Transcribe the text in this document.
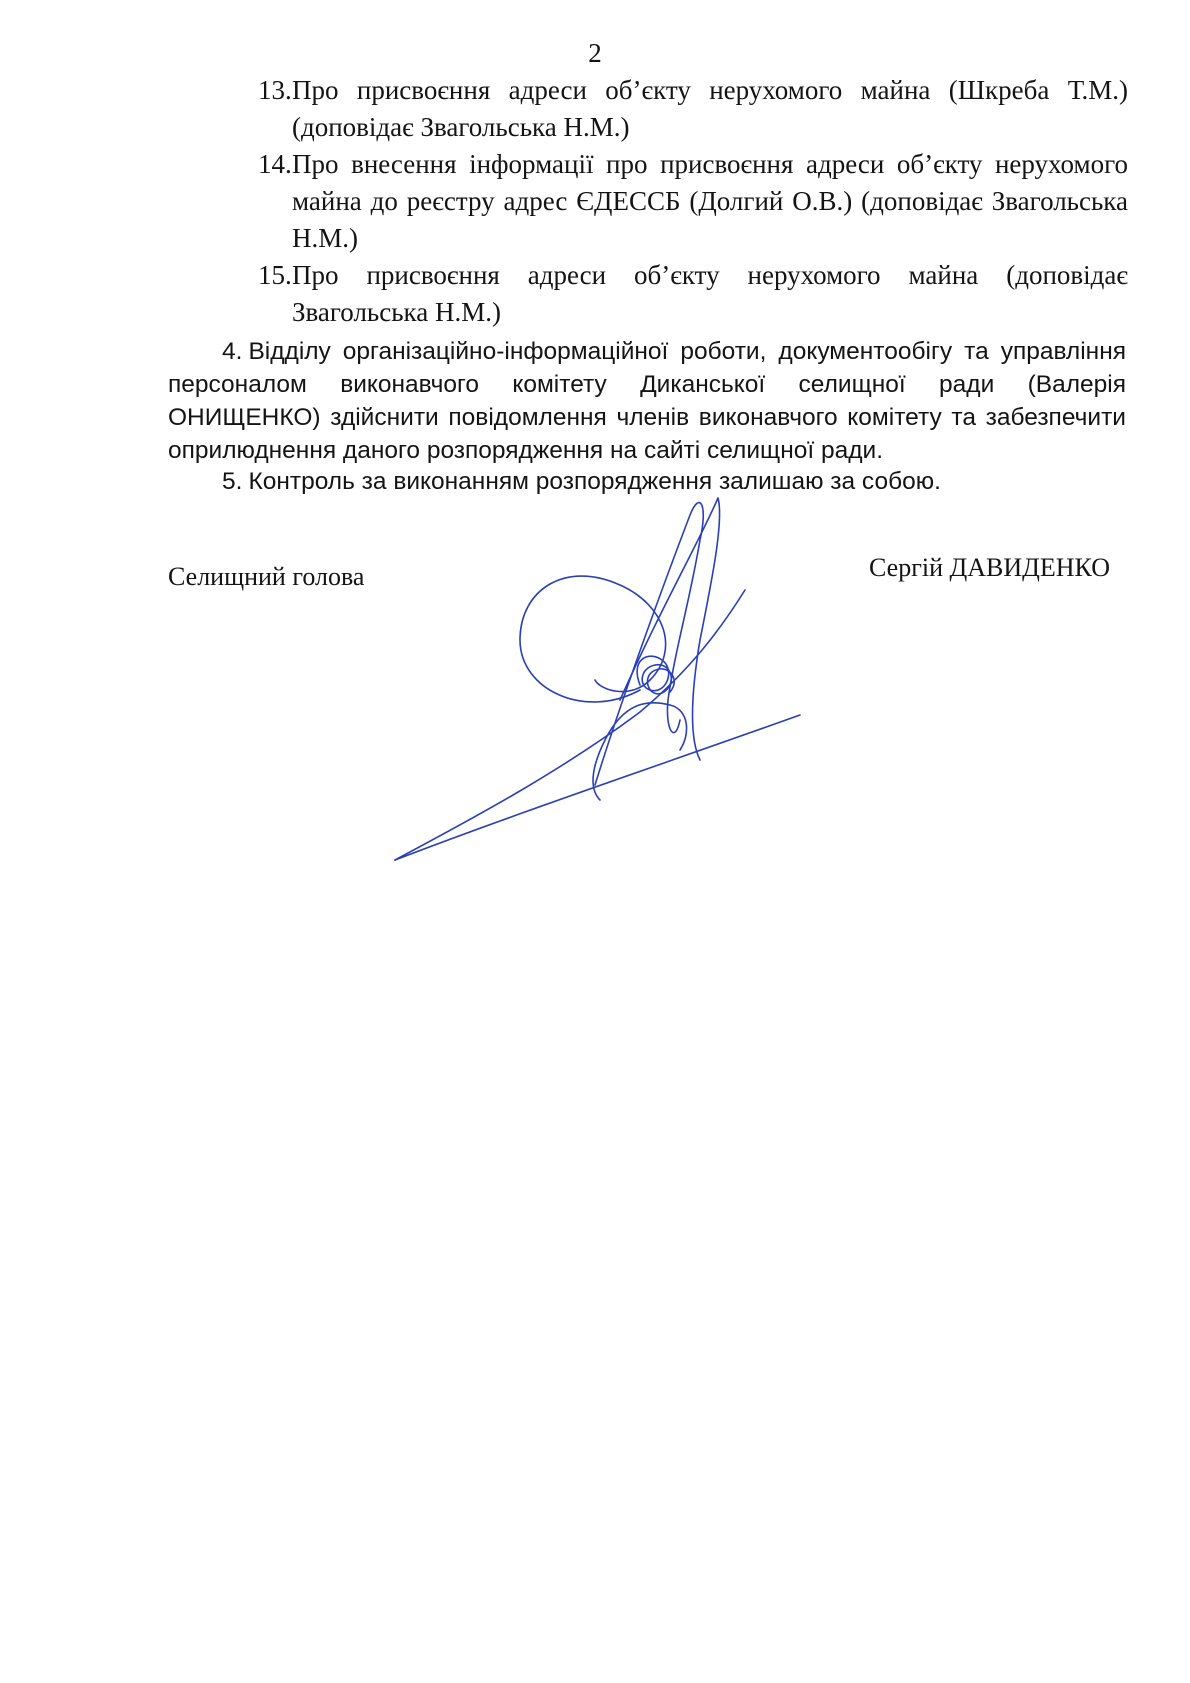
2
13. Про присвоєння адреси об’єкту нерухомого майна (Шкреба Т.М.) (доповідає Звагольська Н.М.)
14. Про внесення інформації про присвоєння адреси об’єкту нерухомого майна до реєстру адрес ЄДЕССБ (Долгий О.В.) (доповідає Звагольська Н.М.)
15. Про присвоєння адреси об’єкту нерухомого майна (доповідає Звагольська Н.М.)
4. Відділу організаційно-інформаційної роботи, документообігу та управління персоналом виконавчого комітету Диканської селищної ради (Валерія ОНИЩЕНКО) здійснити повідомлення членів виконавчого комітету та забезпечити оприлюднення даного розпорядження на сайті селищної ради.
5. Контроль за виконанням розпорядження залишаю за собою.
Селищний голова	Сергій ДАВИДЕНКО
